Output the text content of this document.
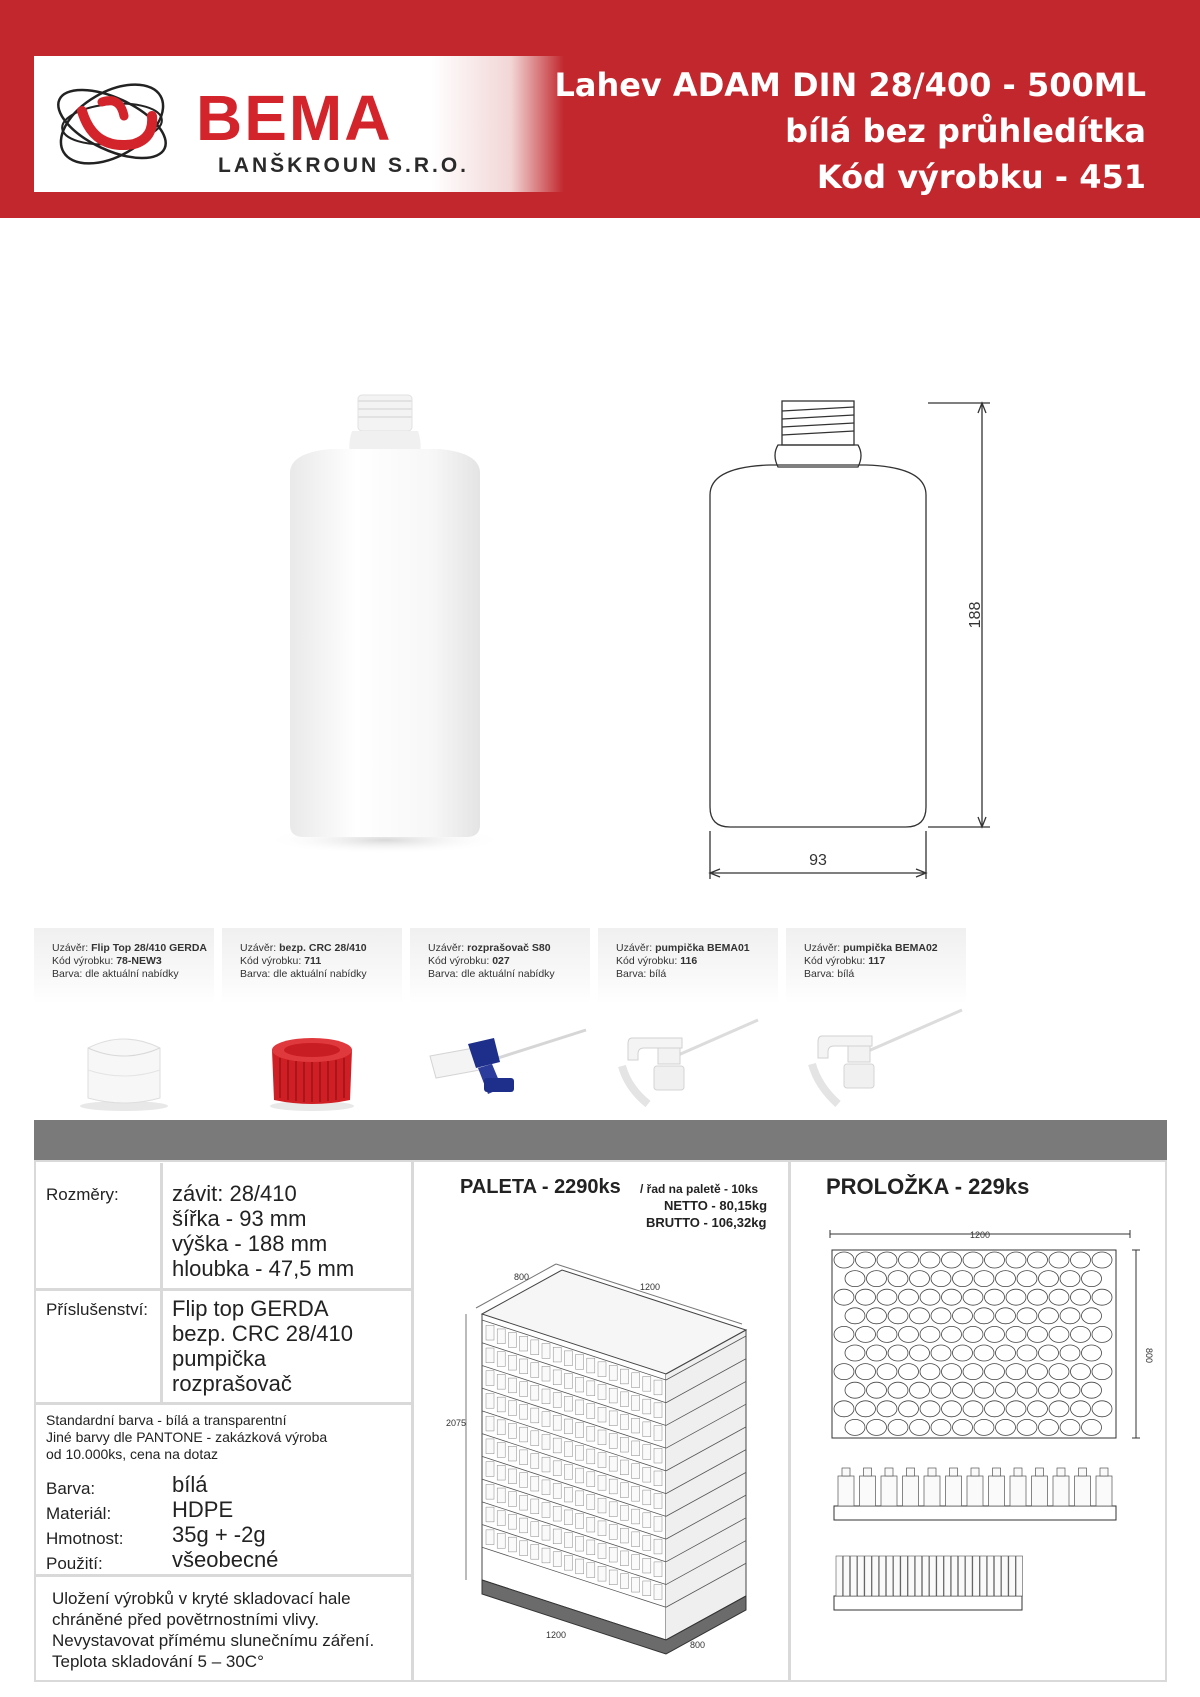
BEMA
LANŠKROUN S.R.O.
Lahev ADAM DIN 28/400 - 500ML
bílá bez průhledítka
Kód výrobku - 451
188
93
Uzávěr: Flip Top 28/410 GERDA
Kód výrobku: 78-NEW3
Barva: dle aktuální nabídky
Uzávěr: bezp. CRC 28/410
Kód výrobku: 711
Barva: dle aktuální nabídky
Uzávěr: rozprašovač S80
Kód výrobku: 027
Barva: dle aktuální nabídky
Uzávěr: pumpička BEMA01
Kód výrobku: 116
Barva: bílá
Uzávěr: pumpička BEMA02
Kód výrobku: 117
Barva: bílá
Rozměry: závit: 28/410
šířka - 93 mm
výška - 188 mm
hloubka - 47,5 mm
Příslušenství: Flip top GERDA
bezp. CRC 28/410
pumpička
rozprašovač
Standardní barva - bílá a transparentní
Jiné barvy dle PANTONE - zakázková výroba
od 10.000ks, cena na dotaz
Barva:
Materiál:
Hmotnost:
Použití:
bílá
HDPE
35g + -2g
všeobecné
Uložení výrobků v kryté skladovací hale
chráněné před povětrnostními vlivy.
Nevystavovat přímému slunečnímu záření.
Teplota skladování 5 – 30C°
PALETA - 2290ks / řad na paletě - 10ks
NETTO - 80,15kg
BRUTTO - 106,32kg
800
1200
2075
1200
800
PROLOŽKA - 229ks
1200
800
